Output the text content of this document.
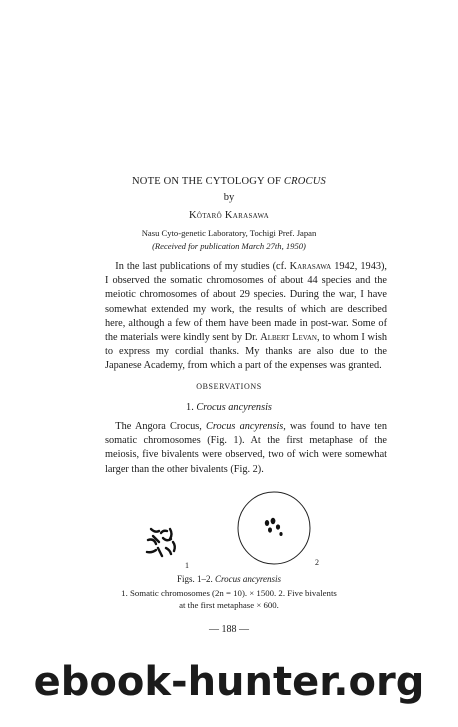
NOTE ON THE CYTOLOGY OF CROCUS
by
Kôtarô Karasawa
Nasu Cyto-genetic Laboratory, Tochigi Pref. Japan
(Received for publication March 27th, 1950)
 In the last publications of my studies (cf. Karasawa 1942, 1943), I observed the somatic chromosomes of about 44 species and the meiotic chromosomes of about 29 species. During the war, I have somewhat extended my work, the results of which are described here, although a few of them have been made in post-war. Some of the materials were kindly sent by Dr. Albert Levan, to whom I wish to express my cordial thanks. My thanks are also due to the Japanese Academy, from which a part of the expenses was granted.
OBSERVATIONS
1. Crocus ancyrensis
 The Angora Crocus, Crocus ancyrensis, was found to have ten somatic chromosomes (Fig. 1). At the first metaphase of the meiosis, five bivalents were observed, two of wich were somewhat larger than the other bivalents (Fig. 2).
1	2
Figs. 1–2. Crocus ancyrensis
1. Somatic chromosomes (2n = 10). × 1500. 2. Five bivalents
at the first metaphase × 600.
— 188 —
ebook-hunter.org
